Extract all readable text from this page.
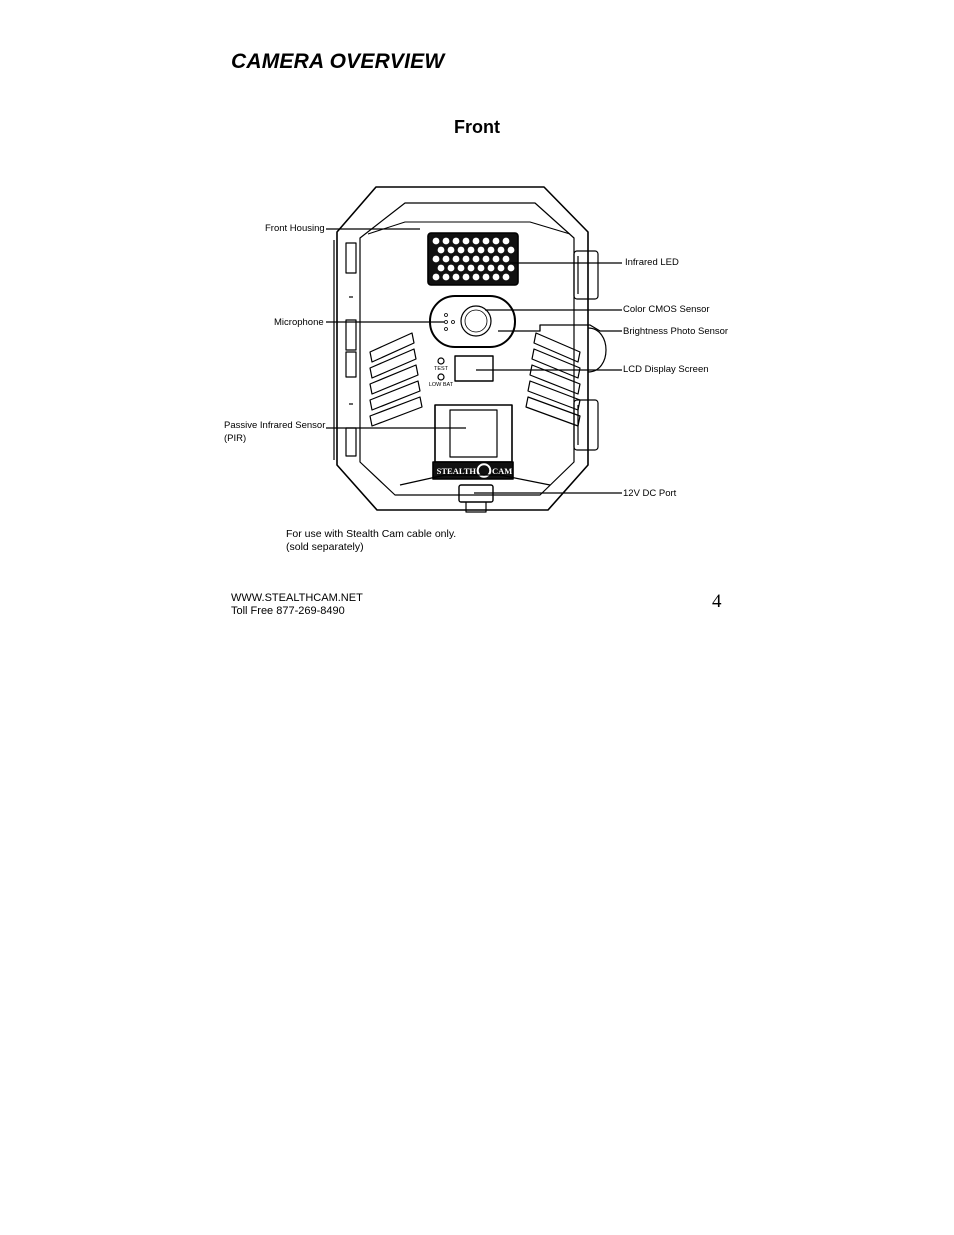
CAMERA OVERVIEW
Front
TEST
LOW BAT
STEALTH CAM
Front Housing
Infrared LED
Color CMOS Sensor
Brightness Photo Sensor
Microphone
LCD Display Screen
Passive Infrared Sensor
(PIR)
12V DC Port
For use with Stealth Cam cable only.
(sold separately)
WWW.STEALTHCAM.NET
Toll Free 877-269-8490	4
